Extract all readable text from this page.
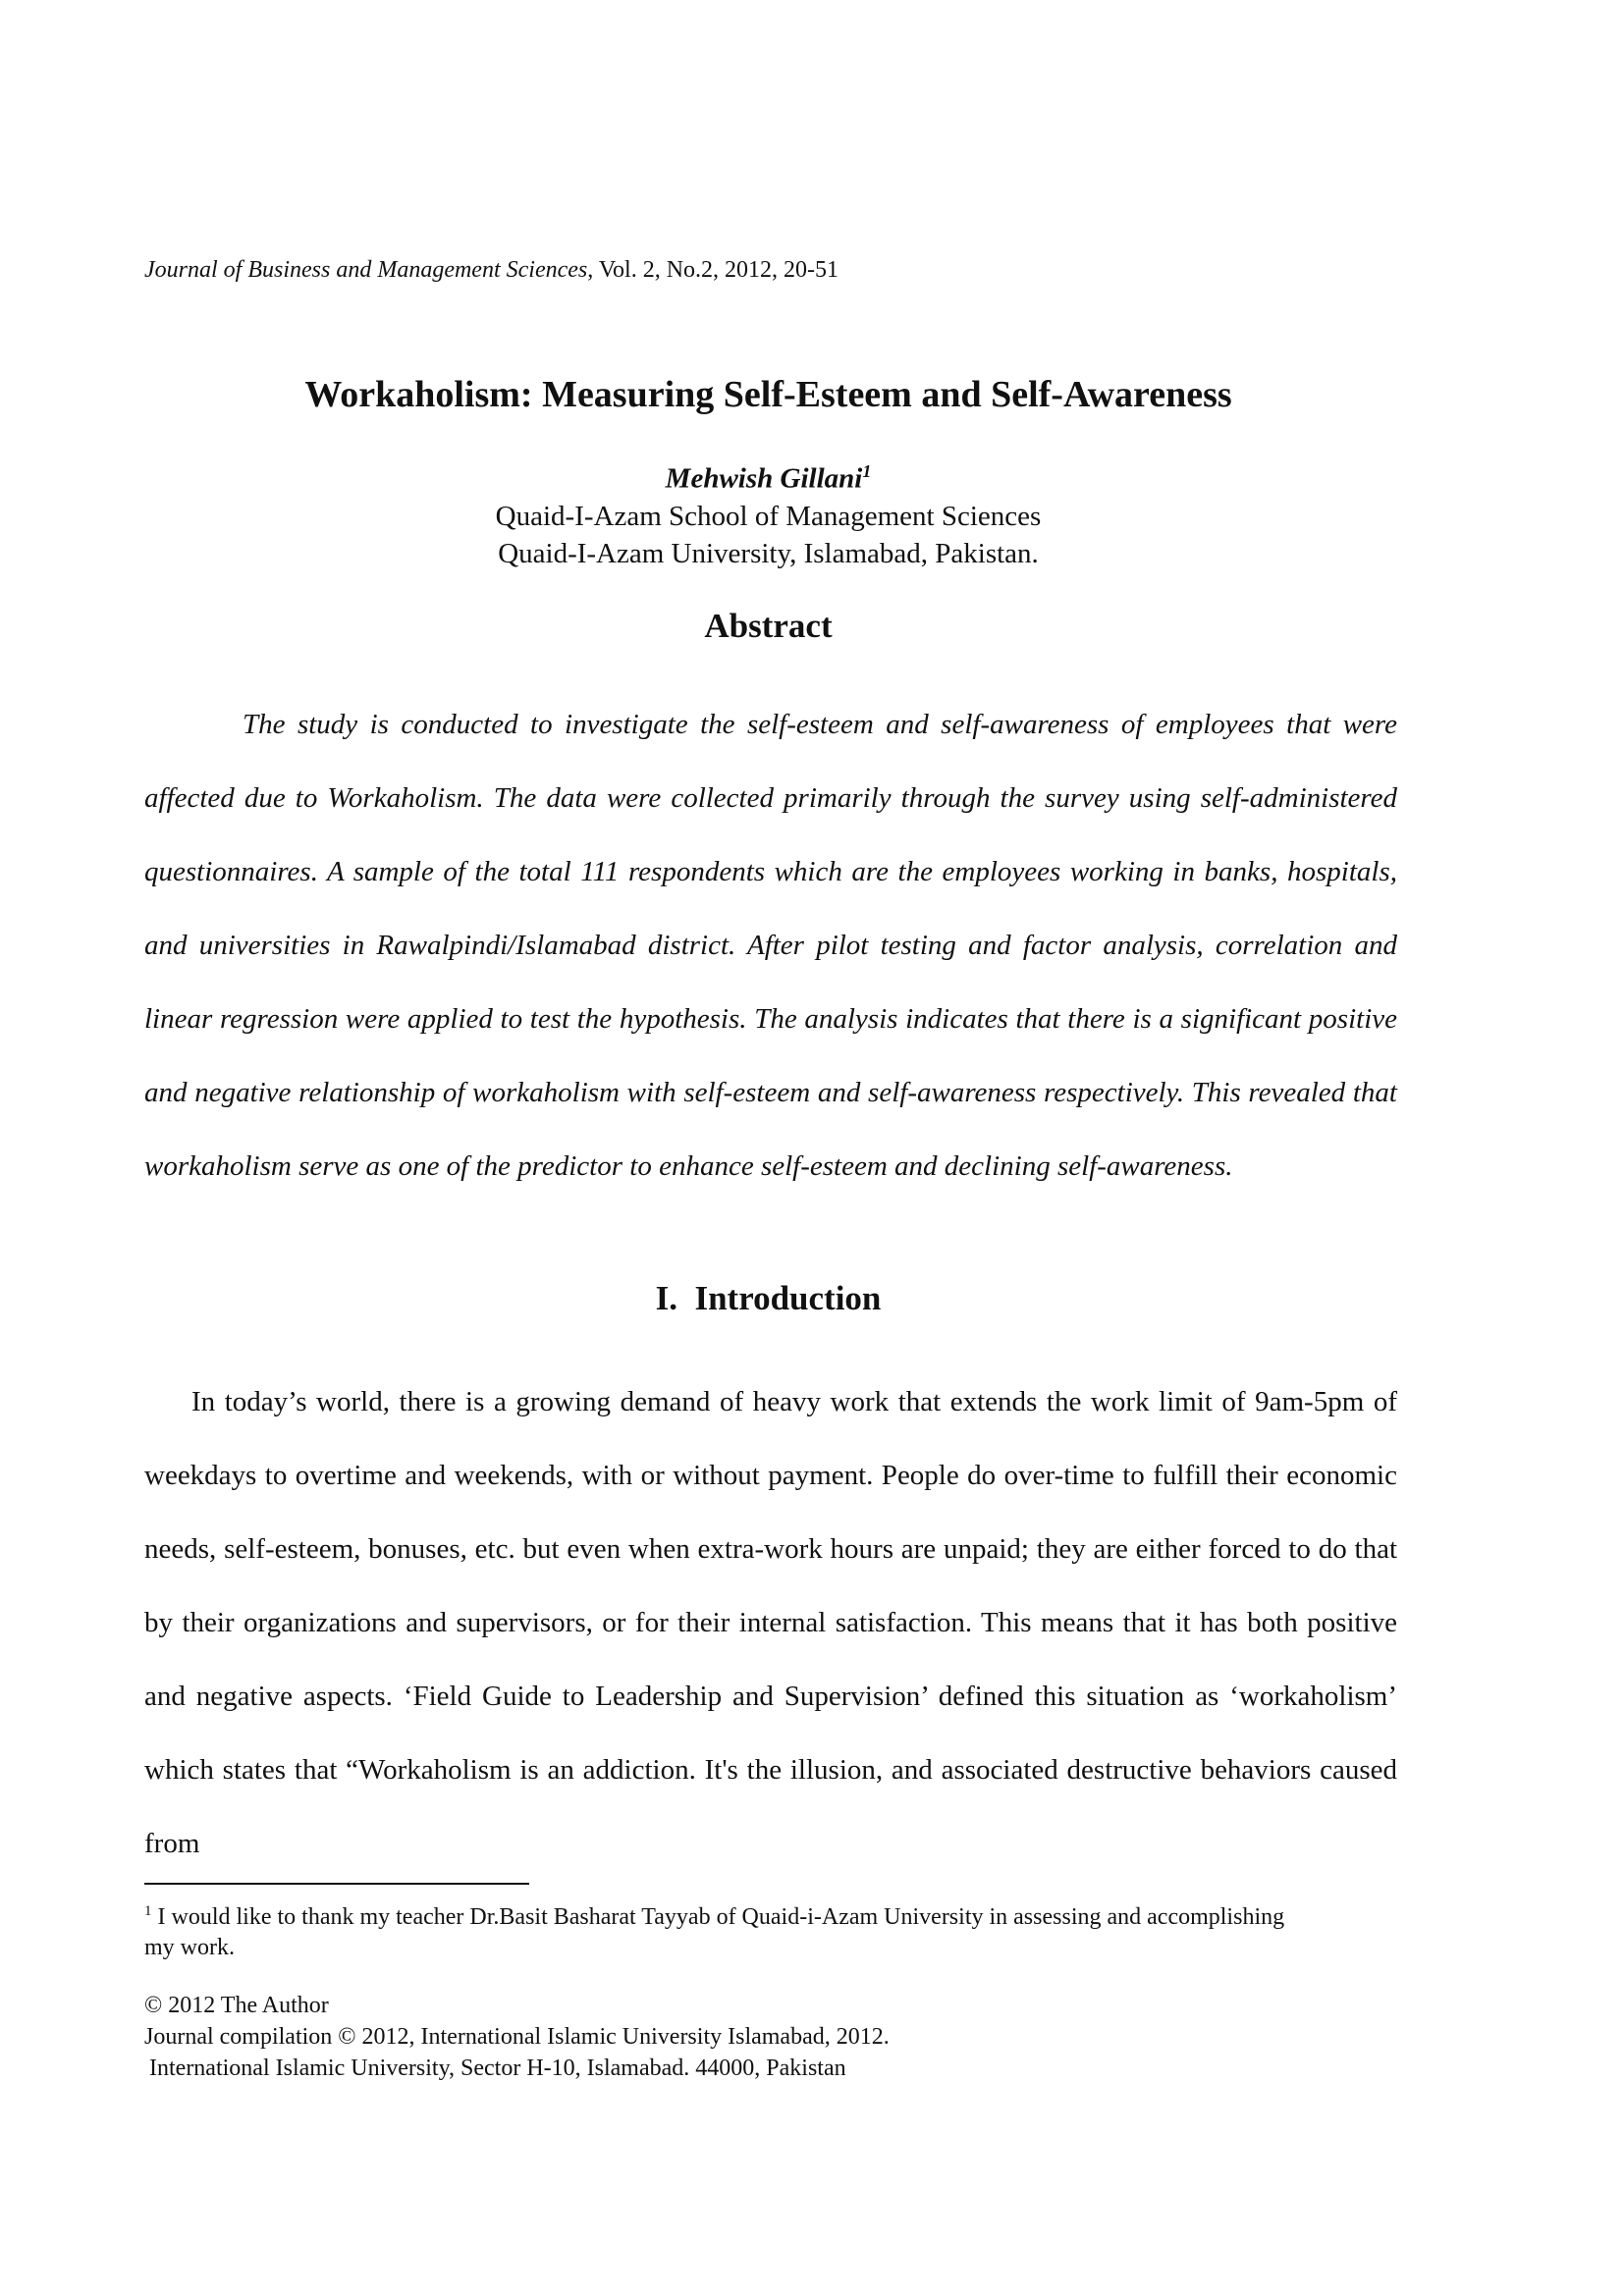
Journal of Business and Management Sciences, Vol. 2, No.2, 2012, 20-51
Workaholism: Measuring Self-Esteem and Self-Awareness
Mehwish Gillani$^1$
Quaid-I-Azam School of Management Sciences
Quaid-I-Azam University, Islamabad, Pakistan.
Abstract

The study is conducted to investigate the self-esteem and self-awareness of employees that were affected due to Workaholism. The data were collected primarily through the survey using self-administered questionnaires. A sample of the total 111 respondents which are the employees working in banks, hospitals, and universities in Rawalpindi/Islamabad district. After pilot testing and factor analysis, correlation and linear regression were applied to test the hypothesis. The analysis indicates that there is a significant positive and negative relationship of workaholism with self-esteem and self-awareness respectively. This revealed that workaholism serve as one of the predictor to enhance self-esteem and declining self-awareness.

I.  Introduction

In today’s world, there is a growing demand of heavy work that extends the work limit of 9am-5pm of weekdays to overtime and weekends, with or without payment. People do over-time to fulfill their economic needs, self-esteem, bonuses, etc. but even when extra-work hours are unpaid; they are either forced to do that by their organizations and supervisors, or for their internal satisfaction. This means that it has both positive and negative aspects. ‘Field Guide to Leadership and Supervision’ defined this situation as ‘workaholism’ which states that “Workaholism is an addiction. It's the illusion, and associated destructive behaviors caused from

$^1$ I would like to thank my teacher Dr.Basit Basharat Tayyab of Quaid-i-Azam University in assessing and accomplishing my work.

© 2012 The Author
Journal compilation © 2012, International Islamic University Islamabad, 2012.
International Islamic University, Sector H-10, Islamabad. 44000, Pakistan
